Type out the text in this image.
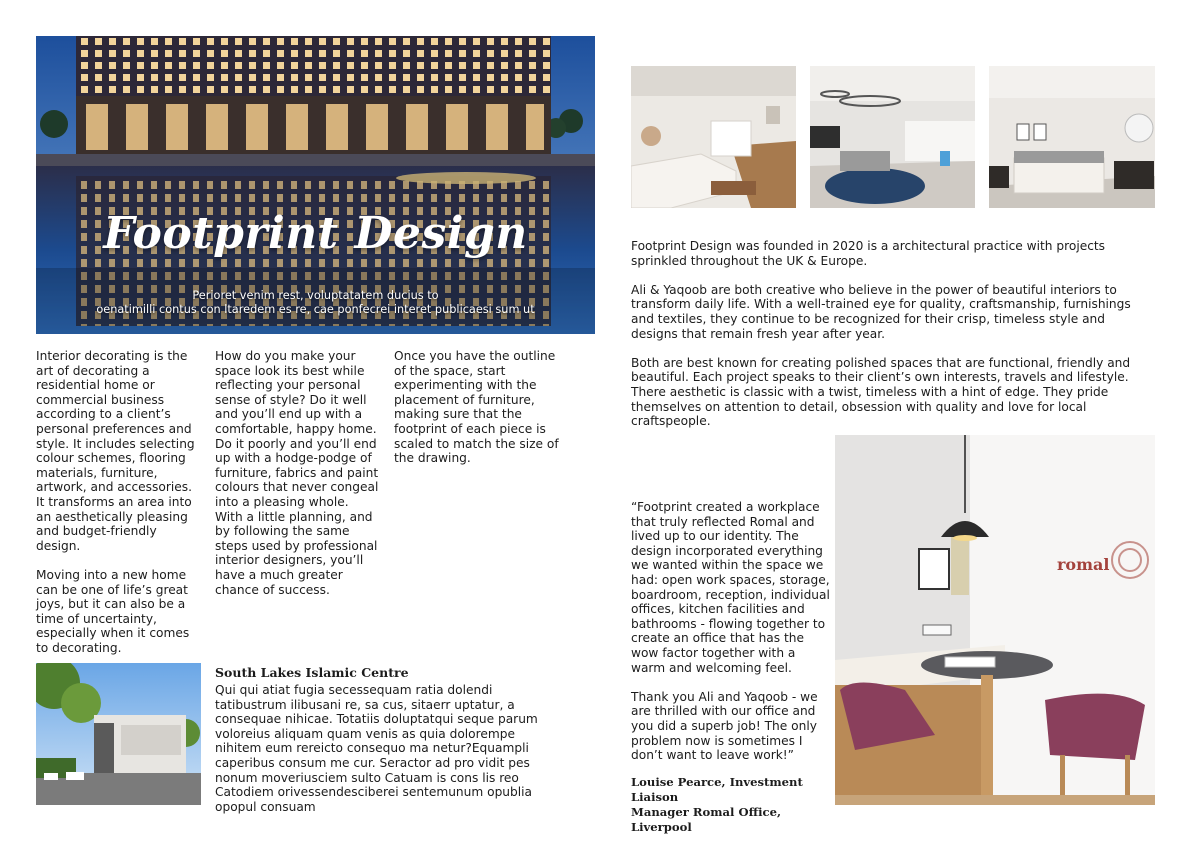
Footprint Design
Perioret venim rest, voluptatatem ducius to
oenatimilli contus con ltaredem es re, cae ponfecrei interet publicaesi sum ut

Interior decorating is the art of decorating a residential home or commercial business according to a client’s personal preferences and style. It includes selecting colour schemes, flooring materials, furniture, artwork, and accessories. It transforms an area into an aesthetically pleasing and budget-friendly design.

Moving into a new home can be one of life’s great joys, but it can also be a time of uncertainty, especially when it comes to decorating.

How do you make your space look its best while reflecting your personal sense of style? Do it well and you’ll end up with a comfortable, happy home. Do it poorly and you’ll end up with a hodge-podge of furniture, fabrics and paint colours that never congeal into a pleasing whole. With a little planning, and by following the same steps used by professional interior designers, you’ll have a much greater chance of success.

Once you have the outline of the space, start experimenting with the placement of furniture, making sure that the footprint of each piece is scaled to match the size of the drawing.

South Lakes Islamic Centre
Qui qui atiat fugia secessequam ratia dolendi tatibustrum ilibusani re, sa cus, sitaerr uptatur, a consequae nihicae. Totatiis doluptatqui seque parum voloreius aliquam quam venis as quia dolorempe nihitem eum rereicto consequo ma netur?Equampli caperibus consum me cur. Seractor ad pro vidit pes nonum moveriusciem sulto Catuam is cons lis reo Catodiem orivessendesciberei sentemunum opublia opopul consuam

Footprint Design was founded in 2020 is a architectural practice with projects sprinkled throughout the UK & Europe.

Ali & Yaqoob are both creative who believe in the power of beautiful interiors to transform daily life. With a well-trained eye for quality, craftsmanship, furnishings and textiles, they continue to be recognized for their crisp, timeless style and designs that remain fresh year after year.

Both are best known for creating polished spaces that are functional, friendly and beautiful. Each project speaks to their client’s own interests, travels and lifestyle. There aesthetic is classic with a twist, timeless with a hint of edge. They pride themselves on attention to detail, obsession with quality and love for local craftspeople.

“Footprint created a workplace that truly reflected Romal and lived up to our identity. The design incorporated everything we wanted within the space we had: open work spaces, storage, boardroom, reception, individual offices, kitchen facilities and bathrooms - flowing together to create an office that has the wow factor together with a warm and welcoming feel.

Thank you Ali and Yaqoob - we are thrilled with our office and you did a superb job! The only problem now is sometimes I don’t want to leave work!”

Louise Pearce, Investment Liaison
Manager Romal Office, Liverpool
romal
